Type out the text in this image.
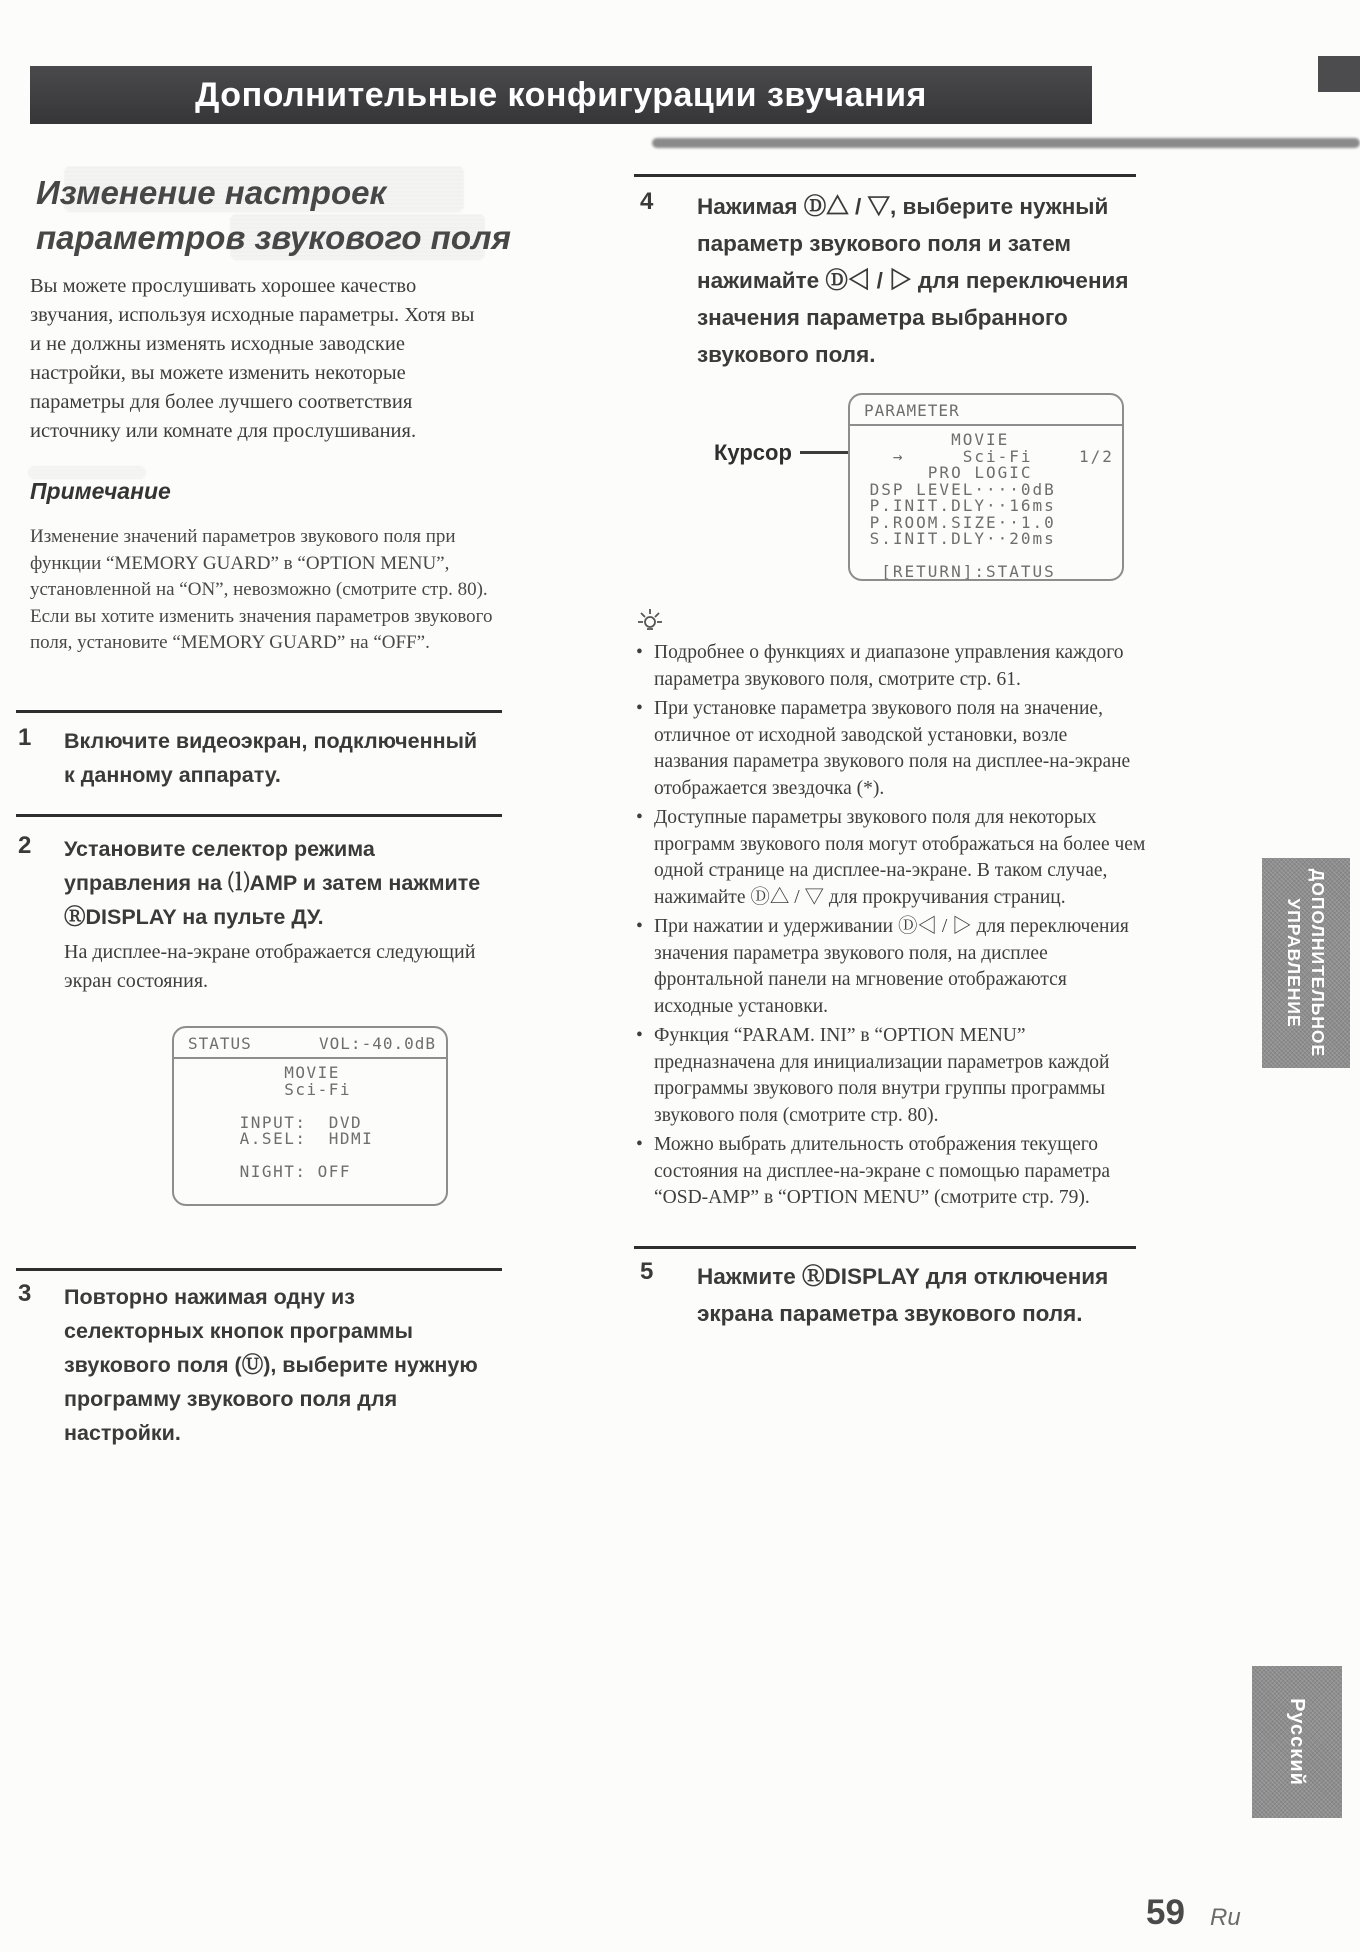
Дополнительные конфигурации звучания
Изменение настроек
параметров звукового поля
Вы можете прослушивать хорошее качество звучания, используя исходные параметры. Хотя вы и не должны изменять исходные заводские настройки, вы можете изменить некоторые параметры для более лучшего соответствия источнику или комнате для прослушивания.
Примечание
Изменение значений параметров звукового поля при функции “MEMORY GUARD” в “OPTION MENU”, установленной на “ON”, невозможно (смотрите стр. 80). Если вы хотите изменить значения параметров звукового поля, установите “MEMORY GUARD” на “OFF”.
1 Включите видеоэкран, подключенный к данному аппарату.
2 Установите селектор режима управления на ⒧AMP и затем нажмите ⓇDISPLAY на пульте ДУ.
На дисплее-на-экране отображается следующий экран состояния.
STATUS	VOL:-40.0dB
MOVIE
Sci-Fi

INPUT:  DVD
A.SEL:  HDMI

NIGHT: OFF
3 Повторно нажимая одну из селекторных кнопок программы звукового поля (Ⓤ), выберите нужную программу звукового поля для настройки.
4 Нажимая Ⓓ△ / ▽, выберите нужный параметр звукового поля и затем нажимайте Ⓓ◁ / ▷ для переключения значения параметра выбранного звукового поля.
PARAMETER
MOVIE
→     Sci-Fi    1/2
PRO LOGIC
DSP LEVEL····0dB
P.INIT.DLY··16ms
P.ROOM.SIZE··1.0
S.INIT.DLY··20ms

[RETURN]:STATUS
Курсор
• Подробнее о функциях и диапазоне управления каждого параметра звукового поля, смотрите стр. 61.
• При установке параметра звукового поля на значение, отличное от исходной заводской установки, возле названия параметра звукового поля на дисплее-на-экране отображается звездочка (*).
• Доступные параметры звукового поля для некоторых программ звукового поля могут отображаться на более чем одной странице на дисплее-на-экране. В таком случае, нажимайте Ⓓ△ / ▽ для прокручивания страниц.
• При нажатии и удерживании Ⓓ◁ / ▷ для переключения значения параметра звукового поля, на дисплее фронтальной панели на мгновение отображаются исходные установки.
• Функция “PARAM. INI” в “OPTION MENU” предназначена для инициализации параметров каждой программы звукового поля внутри группы программы звукового поля (смотрите стр. 80).
• Можно выбрать длительность отображения текущего состояния на дисплее-на-экране с помощью параметра “OSD-AMP” в “OPTION MENU” (смотрите стр. 79).
5 Нажмите ⓇDISPLAY для отключения экрана параметра звукового поля.
ДОПОЛНИТЕЛЬНОЕ
УПРАВЛЕНИЕ
Русский
59 Ru
